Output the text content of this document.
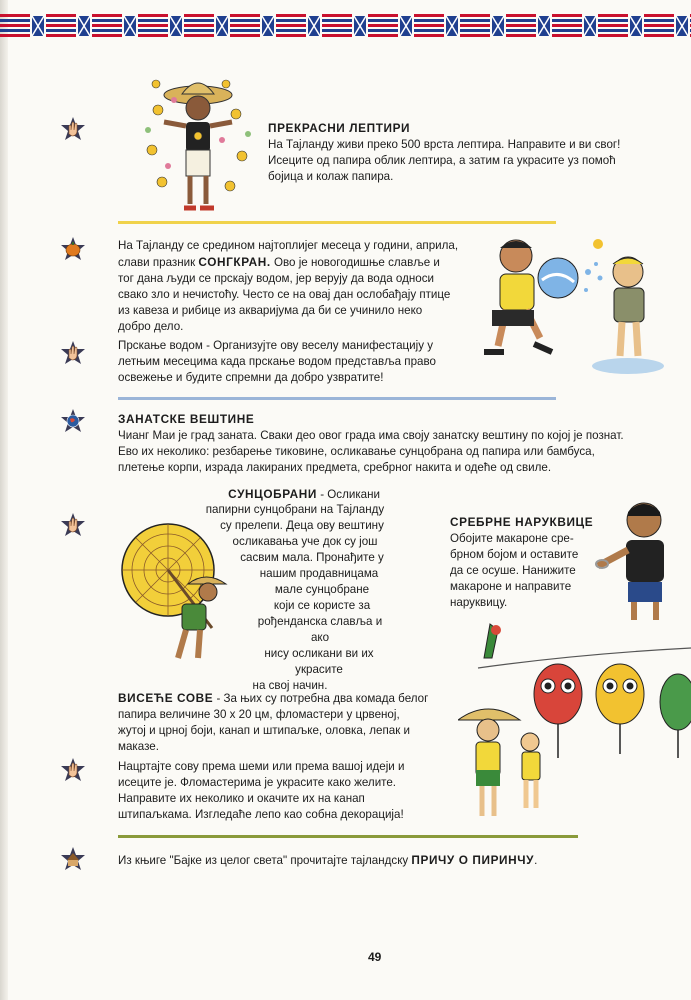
ПРЕКРАСНИ ЛЕПТИРИ
На Тајланду живи преко 500 врста лептира. Направите и ви свог!
Исеците од папира облик лептира, а затим га украсите уз помоћ
бојица и колаж папира.
На Тајланду се средином најтоплијег месеца у години, априла,
слави празник СОНГКРАН. Ово је новогодишње славље и
тог дана људи се прскају водом, јер верују да вода односи
свако зло и нечистоћу. Често се на овај дан ослобађају птице
из кавеза и рибице из акваријума да би се учинило неко
добро дело.
Прскање водом - Организујте ову веселу манифестацију у
летњим месецима када прскање водом представља право
освежење и будите спремни да добро узвратите!
ЗАНАТСКЕ ВЕШТИНЕ
Чианг Маи је град заната. Сваки део овог града има своју занатску вештину по којој је познат.
Ево их неколико: резбарење тиковине, осликавање сунцобрана од папира или бамбуса,
плетење корпи, израда лакираних предмета, сребрног накита и одеће од свиле.
СУНЦОБРАНИ - Осликани
папирни сунцобрани на Тајланду
су прелепи. Деца ову вештину
осликавања уче док су још
сасвим мала. Пронађите у
нашим продавницама
мале сунцобране
који се користе за
рођенданска славља и ако
нису осликани ви их украсите
на свој начин.
СРЕБРНЕ НАРУКВИЦЕ
Обојите макароне сре-
брном бојом и оставите
да се осуше. Нанижите
макароне и направите
наруквицу.
ВИСЕЋЕ СОВЕ - За њих су потребна два комада белог
папира величине 30 х 20 цм, фломастери у црвеној,
жутој и црној боји, канап и штипаљке, оловка, лепак и
маказе.
Нацртајте сову према шеми или према вашој идеји и
исеците је. Фломастерима је украсите како желите.
Направите их неколико и окачите их на канап
штипаљкама. Изгледаће лепо као собна декорација!
Из књиге "Бајке из целог света" прочитајте тајландску ПРИЧУ О ПИРИНЧУ.
49
